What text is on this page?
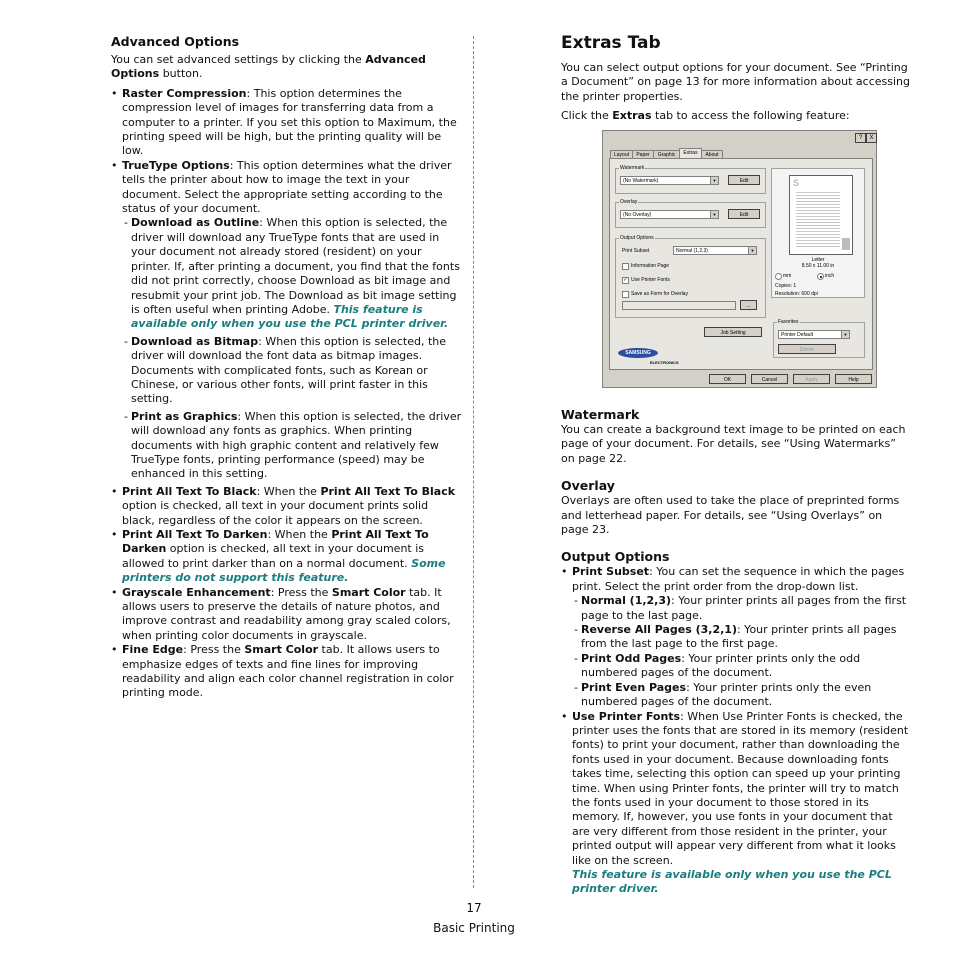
Advanced Options

You can set advanced settings by clicking the Advanced Options button.

• Raster Compression: This option determines the compression level of images for transferring data from a computer to a printer. If you set this option to Maximum, the printing speed will be high, but the printing quality will be low.
• TrueType Options: This option determines what the driver tells the printer about how to image the text in your document. Select the appropriate setting according to the status of your document.
- Download as Outline: When this option is selected, the driver will download any TrueType fonts that are used in your document not already stored (resident) on your printer. If, after printing a document, you find that the fonts did not print correctly, choose Download as bit image and resubmit your print job. The Download as bit image setting is often useful when printing Adobe. This feature is available only when you use the PCL printer driver.
- Download as Bitmap: When this option is selected, the driver will download the font data as bitmap images. Documents with complicated fonts, such as Korean or Chinese, or various other fonts, will print faster in this setting.
- Print as Graphics: When this option is selected, the driver will download any fonts as graphics. When printing documents with high graphic content and relatively few TrueType fonts, printing performance (speed) may be enhanced in this setting.
• Print All Text To Black: When the Print All Text To Black option is checked, all text in your document prints solid black, regardless of the color it appears on the screen.
• Print All Text To Darken: When the Print All Text To Darken option is checked, all text in your document is allowed to print darker than on a normal document. Some printers do not support this feature.
• Grayscale Enhancement: Press the Smart Color tab. It allows users to preserve the details of nature photos, and improve contrast and readability among gray scaled colors, when printing color documents in grayscale.
• Fine Edge: Press the Smart Color tab. It allows users to emphasize edges of texts and fine lines for improving readability and align each color channel registration in color printing mode.
Extras Tab

You can select output options for your document. See “Printing a Document” on page 13 for more information about accessing the printer properties.

Click the Extras tab to access the following feature:

?	X
Layout	Paper	Graphic	Extras	About
Watermark
(No Watermark)	▼	Edit
Overlay
(No Overlay)	▼	Edit
Output Options
Print Subset	Normal (1,2,3)	▼
Information Page
✓ Use Printer Fonts
Save as Form for Overlay
...
Job Setting
S
Letter
8.50 x 11.00 in
mm	inch
Copies: 1
Resolution: 600 dpi
Favorites
Printer Default	▼
Delete
SAMSUNG
ELECTRONICS
OK	Cancel	Apply	Help
Watermark

You can create a background text image to be printed on each page of your document. For details, see “Using Watermarks” on page 22.

Overlay

Overlays are often used to take the place of preprinted forms and letterhead paper. For details, see “Using Overlays” on page 23.

Output Options
• Print Subset: You can set the sequence in which the pages print. Select the print order from the drop-down list.
- Normal (1,2,3): Your printer prints all pages from the first page to the last page.
- Reverse All Pages (3,2,1): Your printer prints all pages from the last page to the first page.
- Print Odd Pages: Your printer prints only the odd numbered pages of the document.
- Print Even Pages: Your printer prints only the even numbered pages of the document.
• Use Printer Fonts: When Use Printer Fonts is checked, the printer uses the fonts that are stored in its memory (resident fonts) to print your document, rather than downloading the fonts used in your document. Because downloading fonts takes time, selecting this option can speed up your printing time. When using Printer fonts, the printer will try to match the fonts used in your document to those stored in its memory. If, however, you use fonts in your document that are very different from those resident in the printer, your printed output will appear very different from what it looks like on the screen.
This feature is available only when you use the PCL printer driver.
17
Basic Printing
